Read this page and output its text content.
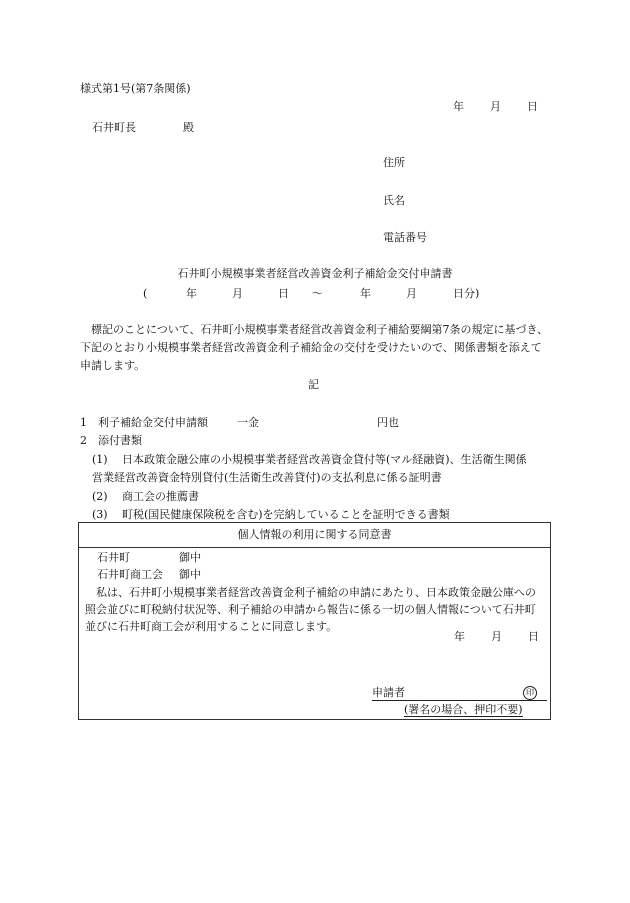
様式第1号(第7条関係)
年 月 日
石井町長	殿
住所
氏名
電話番号
石井町小規模事業者経営改善資金利子補給金交付申請書
(	年	月	日 ～	年	月	日分)

標記のことについて、石井町小規模事業者経営改善資金利子補給要綱第7条の規定に基づき、下記のとおり小規模事業者経営改善資金利子補給金の交付を受けたいので、関係書類を添えて申請します。

記
1　利子補給金交付申請額	一金	円也
2　添付書類
(1) 日本政策金融公庫の小規模事業者経営改善資金貸付等(マル経融資)、生活衛生関係
営業経営改善資金特別貸付(生活衛生改善貸付)の支払利息に係る証明書
(2) 商工会の推薦書
(3) 町税(国民健康保険税を含む)を完納していることを証明できる書類
個人情報の利用に関する同意書
石井町	御中
石井町商工会 御中
私は、石井町小規模事業者経営改善資金利子補給の申請にあたり、日本政策金融公庫への照会並びに町税納付状況等、利子補給の申請から報告に係る一切の個人情報について石井町並びに石井町商工会が利用することに同意します。
年 月 日
申請者	印
(署名の場合、押印不要)
